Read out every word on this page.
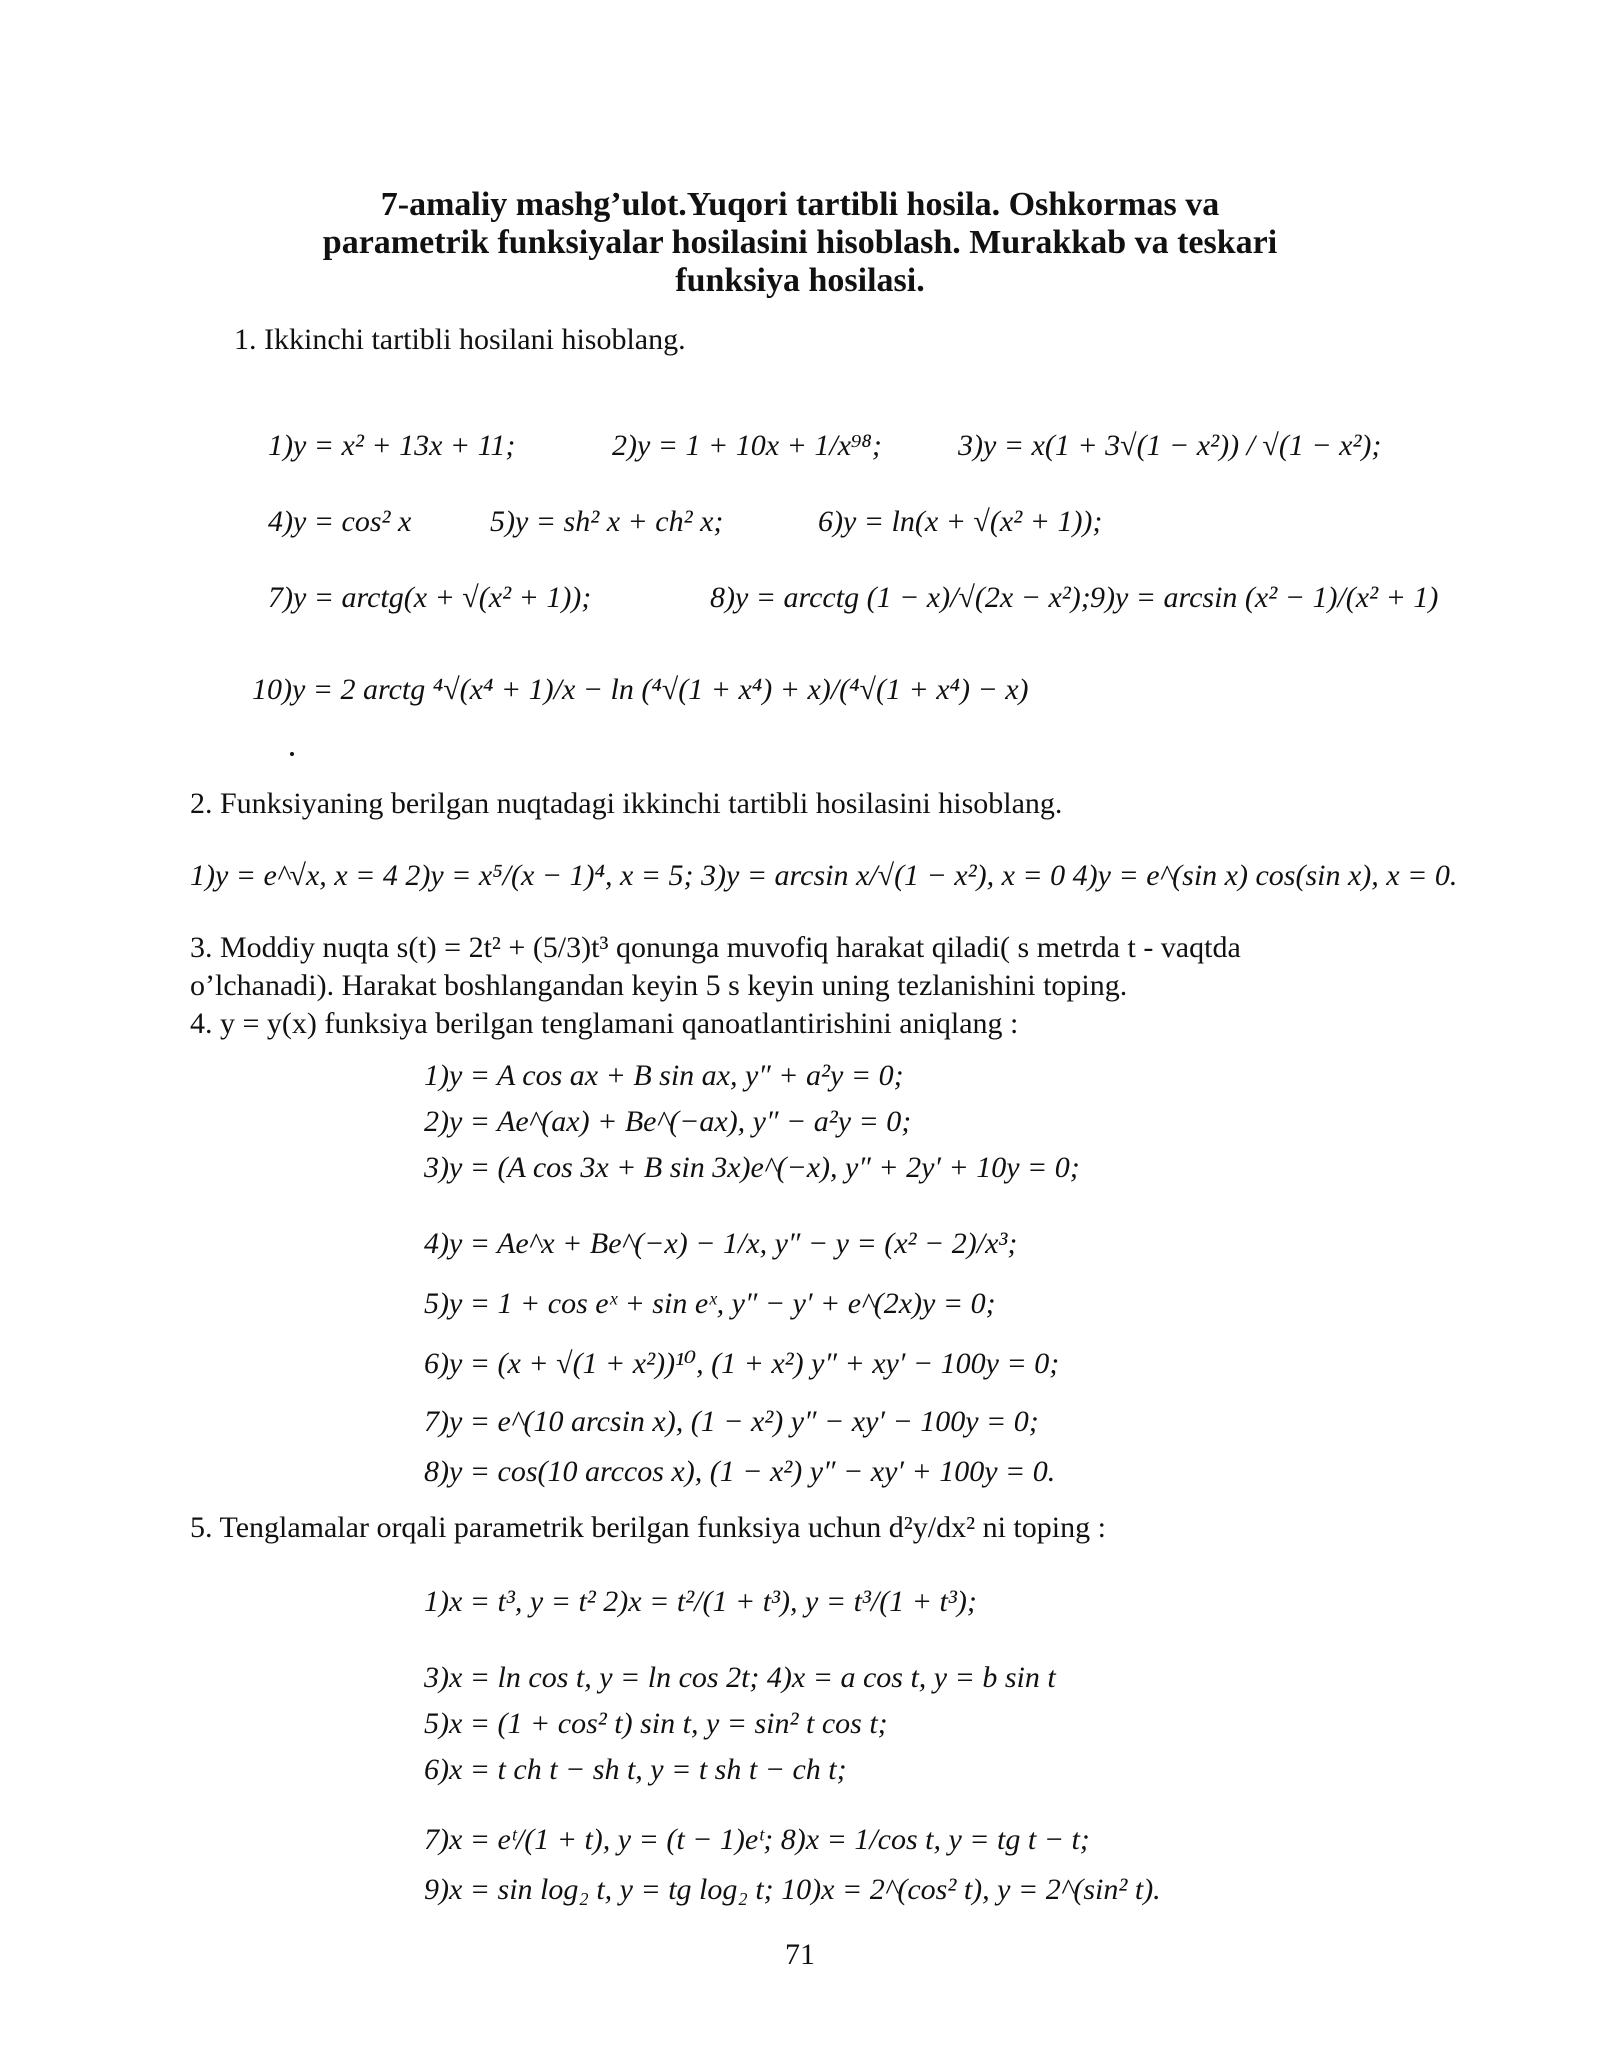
7-amaliy mashg’ulot.Yuqori tartibli hosila. Oshkormas va
parametrik funksiyalar hosilasini hisoblash. Murakkab va teskari
funksiya hosilasi.
1. Ikkinchi tartibli hosilani hisoblang.
1)y = x² + 13x + 11;	2)y = 1 + 10x + 1/x⁹⁸;	3)y = x(1 + 3√(1 − x²)) / √(1 − x²);
4)y = cos² x	5)y = sh² x + ch² x;	6)y = ln(x + √(x² + 1));
7)y = arctg(x + √(x² + 1));	8)y = arcctg (1 − x)/√(2x − x²); 9)y = arcsin (x² − 1)/(x² + 1)
10)y = 2 arctg ⁴√(x⁴ + 1)/x − ln (⁴√(1 + x⁴) + x)/(⁴√(1 + x⁴) − x)
2. Funksiyaning berilgan nuqtadagi ikkinchi tartibli hosilasini hisoblang.
1)y = e^√x, x = 4 2)y = x⁵/(x − 1)⁴, x = 5; 3)y = arcsin x/√(1 − x²), x = 0 4)y = e^(sin x) cos(sin x), x = 0.
3. Moddiy nuqta s(t) = 2t² + (5/3)t³ qonunga muvofiq harakat qiladi( s metrda t - vaqtda
o’lchanadi). Harakat boshlangandan keyin 5 s keyin uning tezlanishini toping.
4. y = y(x) funksiya berilgan tenglamani qanoatlantirishini aniqlang :
1)y = A cos ax + B sin ax, y″ + a²y = 0;
2)y = Ae^(ax) + Be^(−ax), y″ − a²y = 0;
3)y = (A cos 3x + B sin 3x)e^(−x), y″ + 2y′ + 10y = 0;
4)y = Ae^x + Be^(−x) − 1/x, y″ − y = (x² − 2)/x³;
5)y = 1 + cos eˣ + sin eˣ, y″ − y′ + e^(2x)y = 0;
6)y = (x + √(1 + x²))¹⁰, (1 + x²) y″ + xy′ − 100y = 0;
7)y = e^(10 arcsin x), (1 − x²) y″ − xy′ − 100y = 0;
8)y = cos(10 arccos x), (1 − x²) y″ − xy′ + 100y = 0.
5. Tenglamalar orqali parametrik berilgan funksiya uchun d²y/dx² ni toping :
1)x = t³, y = t² 2)x = t²/(1 + t³), y = t³/(1 + t³);
3)x = ln cos t, y = ln cos 2t; 4)x = a cos t, y = b sin t
5)x = (1 + cos² t) sin t, y = sin² t cos t;
6)x = t ch t − sh t, y = t sh t − ch t;
7)x = eᵗ/(1 + t), y = (t − 1)eᵗ; 8)x = 1/cos t, y = tg t − t;
9)x = sin log₂ t, y = tg log₂ t; 10)x = 2^(cos² t), y = 2^(sin² t).
71
